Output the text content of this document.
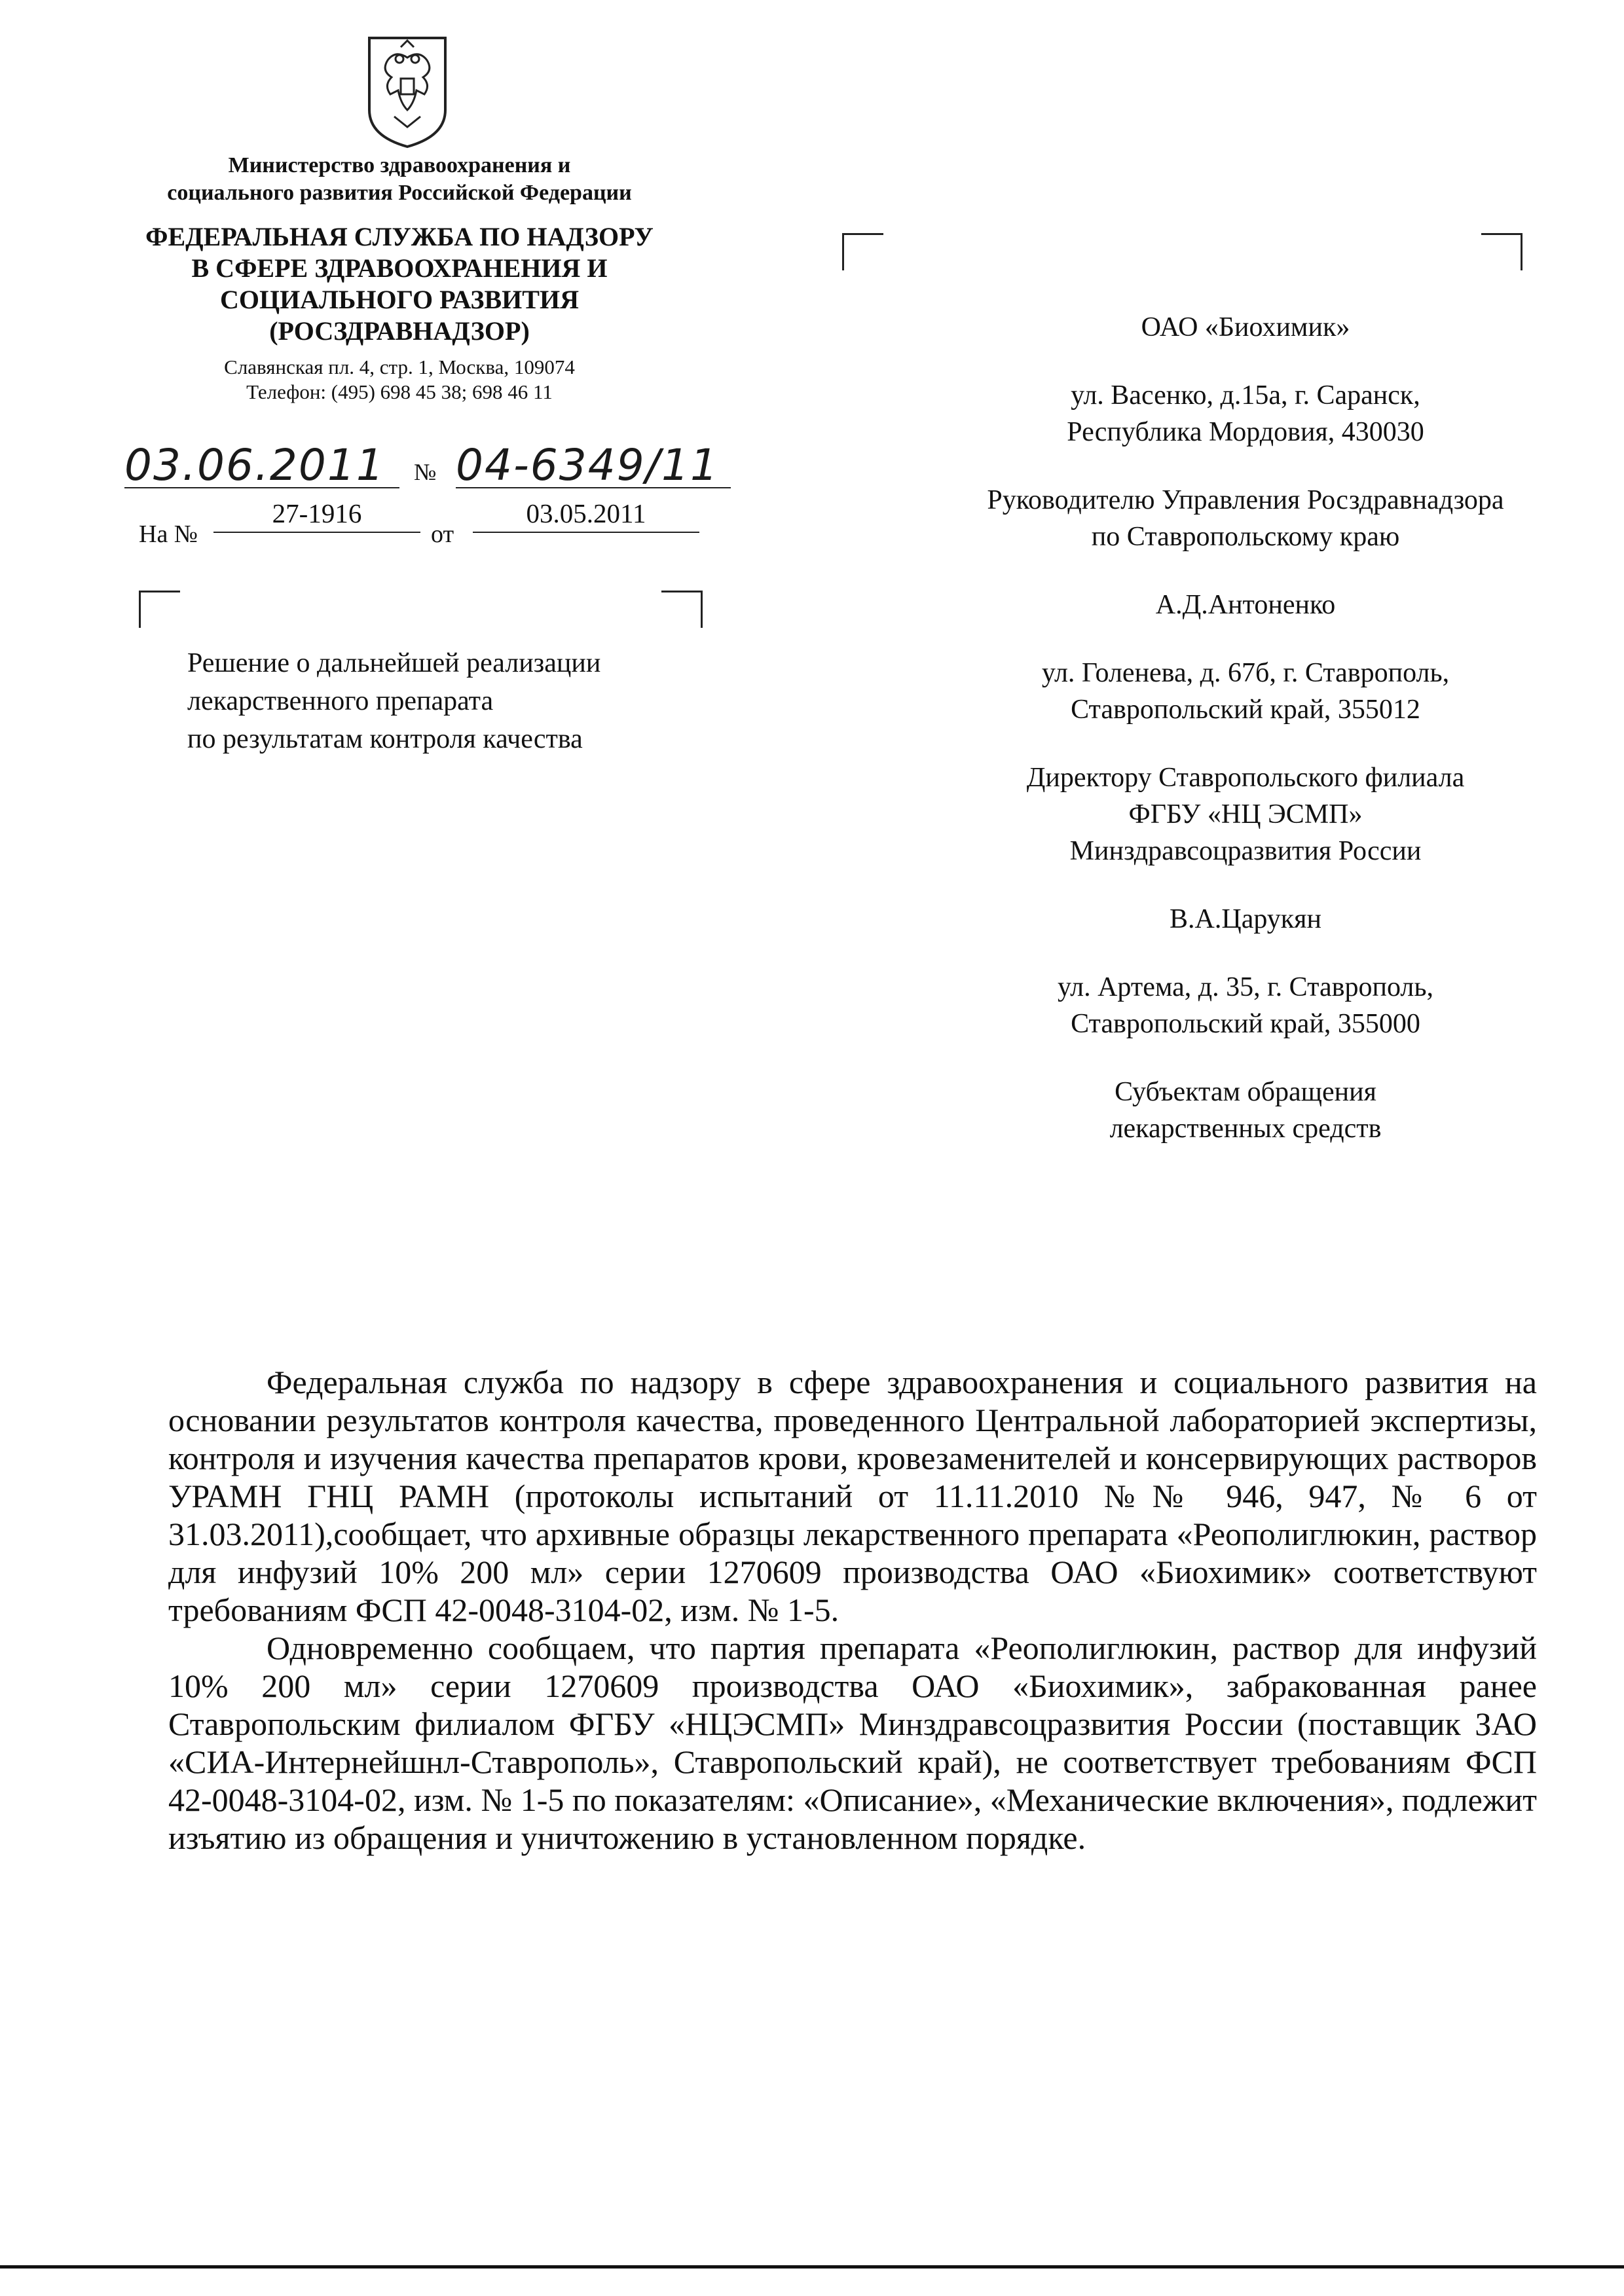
Министерство здравоохранения и
социального развития Российской Федерации
ФЕДЕРАЛЬНАЯ СЛУЖБА ПО НАДЗОРУ
В СФЕРЕ ЗДРАВООХРАНЕНИЯ И
СОЦИАЛЬНОГО РАЗВИТИЯ
(РОСЗДРАВНАДЗОР)
Славянская пл. 4, стр. 1, Москва, 109074
Телефон: (495) 698 45 38; 698 46 11
03.06.2011	№ 04-6349/11
На №
27-1916
от
03.05.2011
Решение о дальнейшей реализации
лекарственного препарата
по результатам контроля качества
ОАО «Биохимик»
ул. Васенко, д.15а, г. Саранск,
Республика Мордовия, 430030
Руководителю Управления Росздравнадзора
по Ставропольскому краю
А.Д.Антоненко
ул. Голенева, д. 67б, г. Ставрополь,
Ставропольский край, 355012
Директору Ставропольского филиала
ФГБУ «НЦ ЭСМП»
Минздравсоцразвития России
В.А.Царукян
ул. Артема, д. 35, г. Ставрополь,
Ставропольский край, 355000
Субъектам обращения
лекарственных средств

Федеральная служба по надзору в сфере здравоохранения и социального развития на основании результатов контроля качества, проведенного Центральной лабораторией экспертизы, контроля и изучения качества препаратов крови, кровезаменителей и консервирующих растворов УРАМН ГНЦ РАМН (протоколы испытаний от 11.11.2010 №№ 946, 947, № 6 от 31.03.2011),сообщает, что архивные образцы лекарственного препарата «Реополиглюкин, раствор для инфузий 10% 200 мл» серии 1270609 производства ОАО «Биохимик» соответствуют требованиям ФСП 42-0048-3104-02, изм. № 1-5.

Одновременно сообщаем, что партия препарата «Реополиглюкин, раствор для инфузий 10% 200 мл» серии 1270609 производства ОАО «Биохимик», забракованная ранее Ставропольским филиалом ФГБУ «НЦЭСМП» Минздравсоцразвития России (поставщик ЗАО «СИА-Интернейшнл-Ставрополь», Ставропольский край), не соответствует требованиям ФСП 42-0048-3104-02, изм. № 1-5 по показателям: «Описание», «Механические включения», подлежит изъятию из обращения и уничтожению в установленном порядке.
